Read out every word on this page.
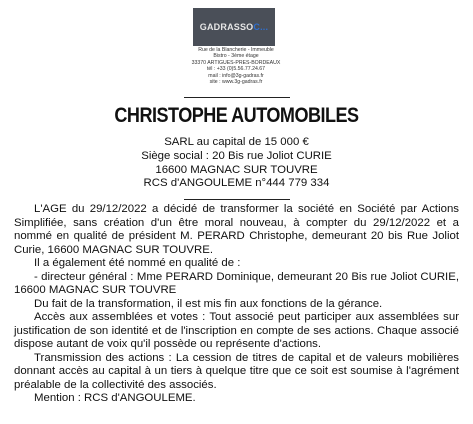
GADRASSOC...
Rue de la Blancherie - Immeuble
Bistro - 3ème étage
33370 ARTIGUES-PRES-BORDEAUX
tél : +33 (0)5.56.77.24.67
mail : info@3g-gadras.fr
site : www.3g-gadras.fr
CHRISTOPHE AUTOMOBILES
SARL au capital de 15 000 €
Siège social : 20 Bis rue Joliot CURIE
16600 MAGNAC SUR TOUVRE
RCS d'ANGOULEME n°444 779 334

L'AGE du 29/12/2022 a décidé de transformer la société en Société par Actions Simplifiée, sans création d'un être moral nouveau, à compter du 29/12/2022 et a nommé en qualité de président M. PERARD Christophe, demeurant 20 bis Rue Joliot Curie, 16600 MAGNAC SUR TOUVRE.

Il a également été nommé en qualité de :

- directeur général : Mme PERARD Dominique, demeurant 20 Bis rue Joliot CURIE, 16600 MAGNAC SUR TOUVRE

Du fait de la transformation, il est mis fin aux fonctions de la gérance.

Accès aux assemblées et votes : Tout associé peut participer aux assemblées sur justification de son identité et de l'inscription en compte de ses actions. Chaque associé dispose autant de voix qu'il possède ou représente d'actions.

Transmission des actions : La cession de titres de capital et de valeurs mobilières donnant accès au capital à un tiers à quelque titre que ce soit est soumise à l'agrément préalable de la collectivité des associés.

Mention : RCS d'ANGOULEME.
